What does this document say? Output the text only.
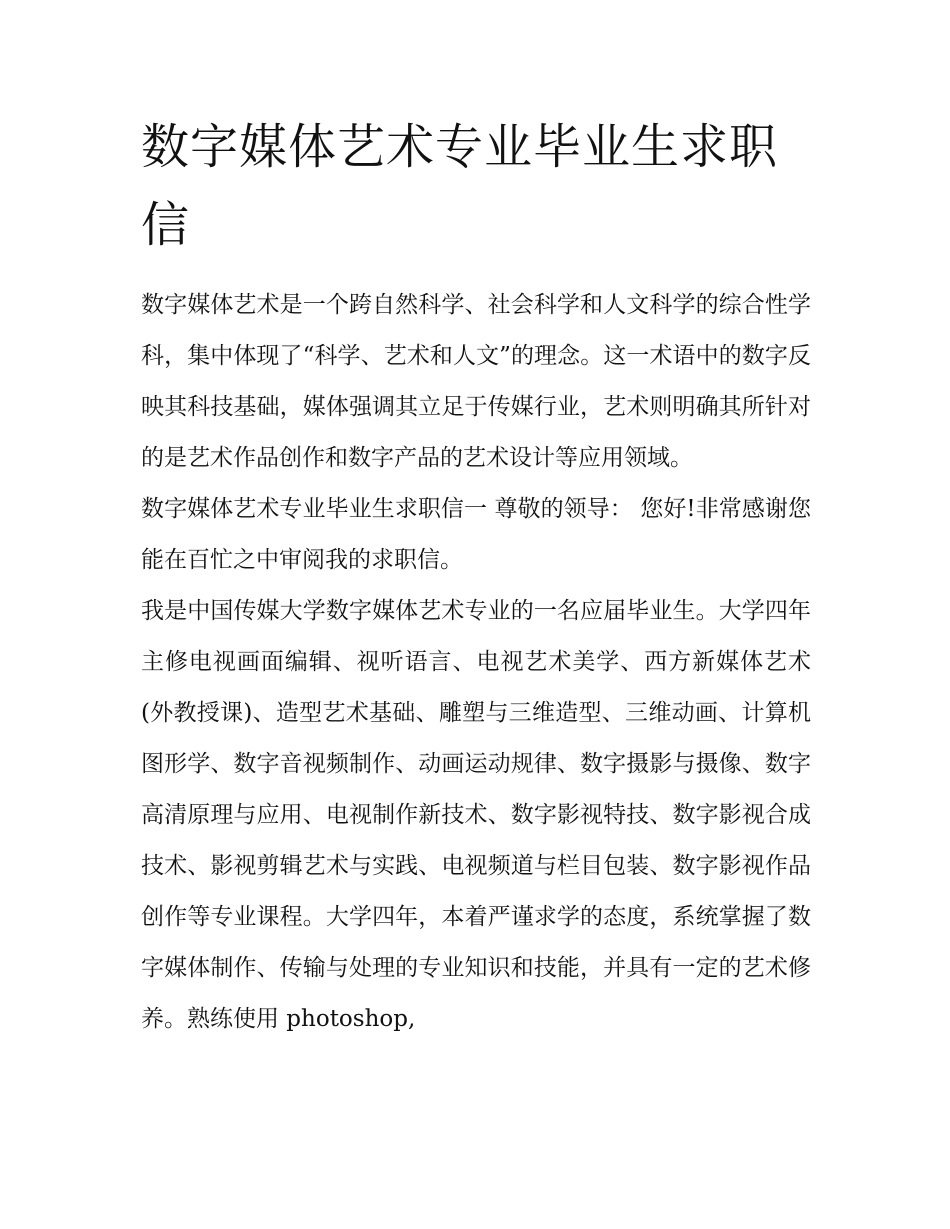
数字媒体艺术专业毕业生求职信

数字媒体艺术是一个跨自然科学、社会科学和人文科学的综合性学科，集中体现了“科学、艺术和人文”的理念。这一术语中的数字反映其科技基础，媒体强调其立足于传媒行业，艺术则明确其所针对的是艺术作品创作和数字产品的艺术设计等应用领域。

数字媒体艺术专业毕业生求职信一 尊敬的领导： 您好!非常感谢您能在百忙之中审阅我的求职信。

我是中国传媒大学数字媒体艺术专业的一名应届毕业生。大学四年主修电视画面编辑、视听语言、电视艺术美学、西方新媒体艺术(外教授课)、造型艺术基础、雕塑与三维造型、三维动画、计算机图形学、数字音视频制作、动画运动规律、数字摄影与摄像、数字高清原理与应用、电视制作新技术、数字影视特技、数字影视合成技术、影视剪辑艺术与实践、电视频道与栏目包装、数字影视作品创作等专业课程。大学四年，本着严谨求学的态度，系统掌握了数字媒体制作、传输与处理的专业知识和技能，并具有一定的艺术修养。熟练使用 photoshop,
